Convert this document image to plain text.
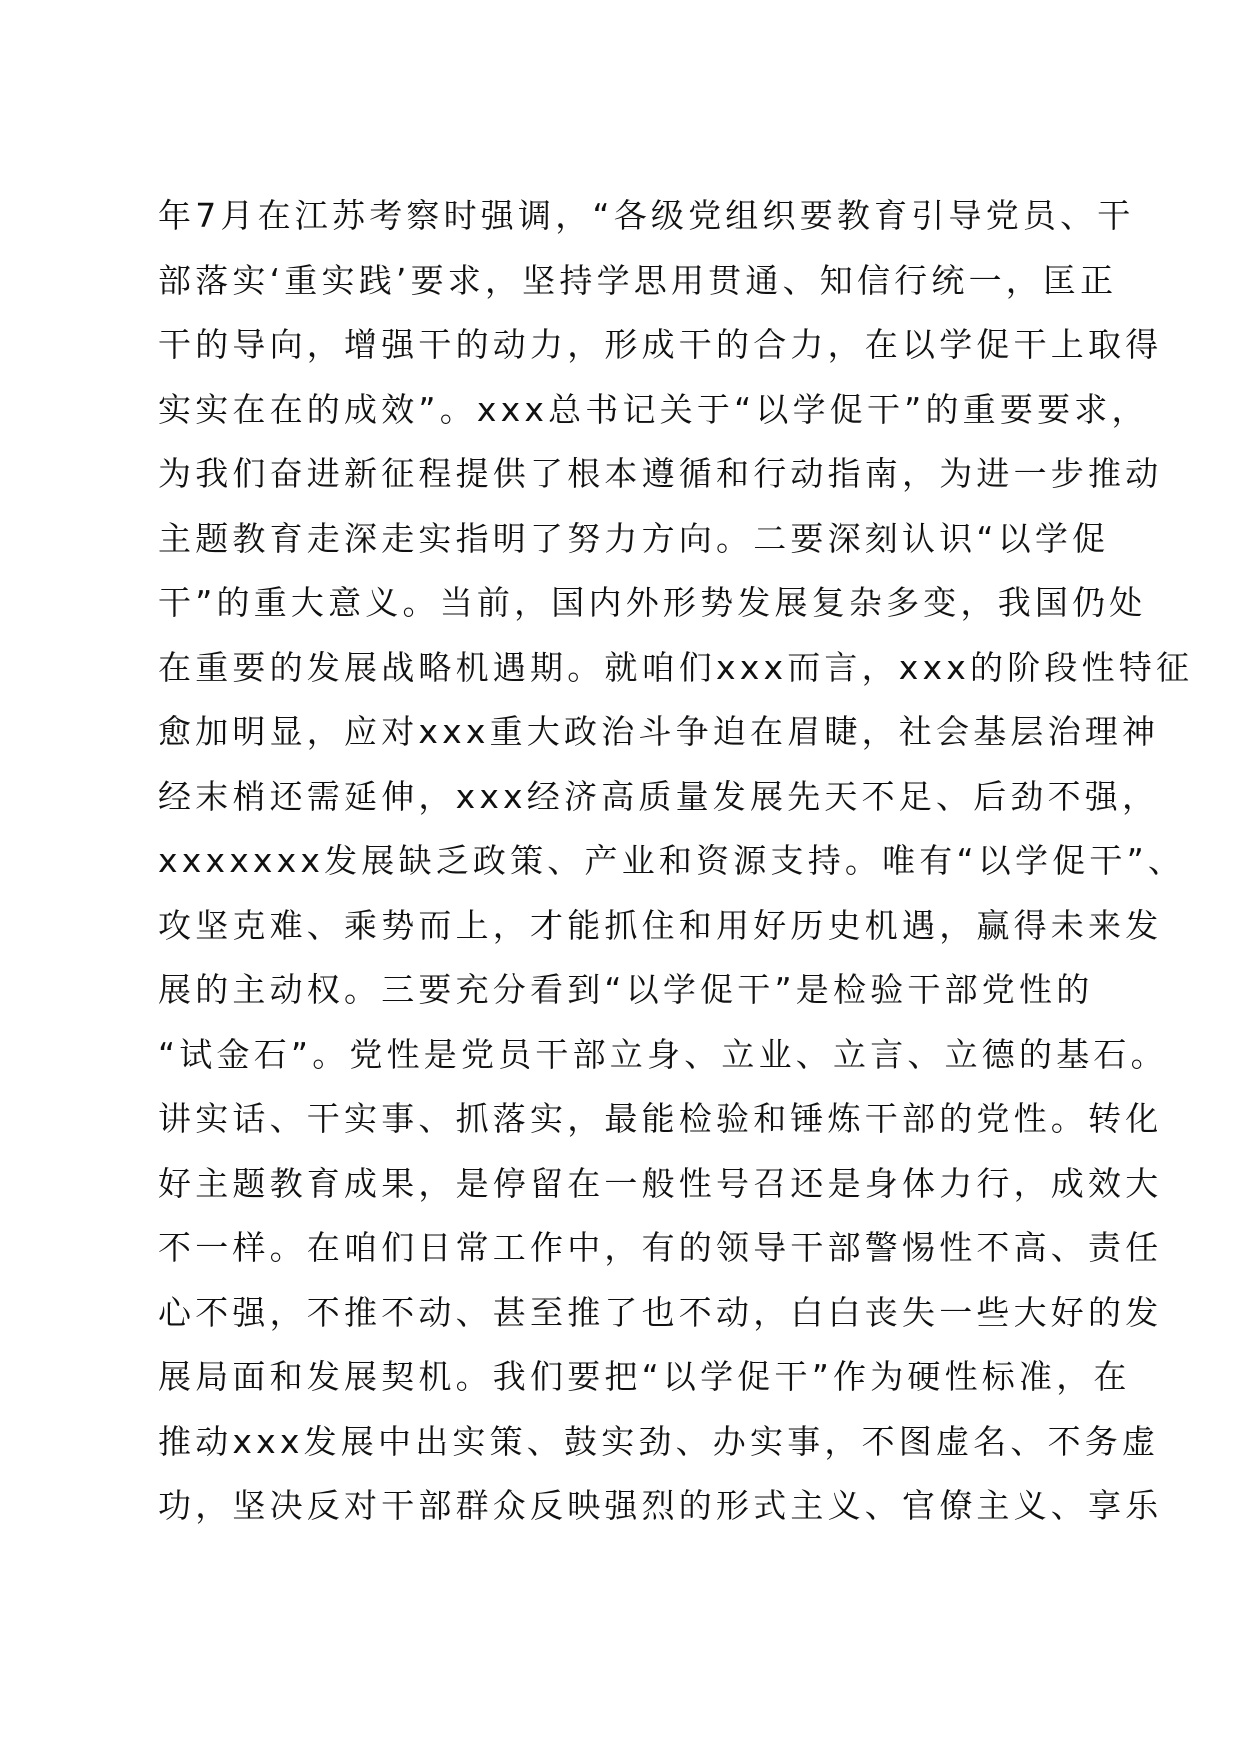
年7月在江苏考察时强调，“各级党组织要教育引导党员、干
部落实‘重实践’要求，坚持学思用贯通、知信行统一，匡正
干的导向，增强干的动力，形成干的合力，在以学促干上取得
实实在在的成效”。xxx总书记关于“以学促干”的重要要求，
为我们奋进新征程提供了根本遵循和行动指南，为进一步推动
主题教育走深走实指明了努力方向。二要深刻认识“以学促
干”的重大意义。当前，国内外形势发展复杂多变，我国仍处
在重要的发展战略机遇期。就咱们xxx而言，xxx的阶段性特征
愈加明显，应对xxx重大政治斗争迫在眉睫，社会基层治理神
经末梢还需延伸，xxx经济高质量发展先天不足、后劲不强，
xxxxxxx发展缺乏政策、产业和资源支持。唯有“以学促干”、
攻坚克难、乘势而上，才能抓住和用好历史机遇，赢得未来发
展的主动权。三要充分看到“以学促干”是检验干部党性的
“试金石”。党性是党员干部立身、立业、立言、立德的基石。
讲实话、干实事、抓落实，最能检验和锤炼干部的党性。转化
好主题教育成果，是停留在一般性号召还是身体力行，成效大
不一样。在咱们日常工作中，有的领导干部警惕性不高、责任
心不强，不推不动、甚至推了也不动，白白丧失一些大好的发
展局面和发展契机。我们要把“以学促干”作为硬性标准，在
推动xxx发展中出实策、鼓实劲、办实事，不图虚名、不务虚
功，坚决反对干部群众反映强烈的形式主义、官僚主义、享乐
